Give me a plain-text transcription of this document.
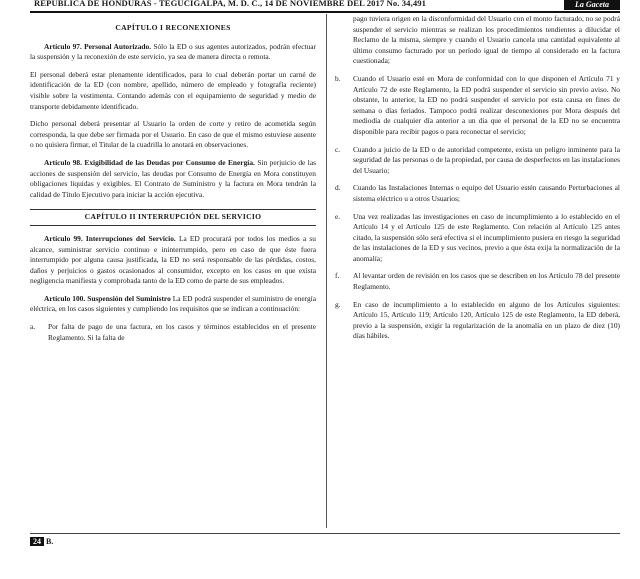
REPUBLICA DE HONDURAS - TEGUCIGALPA, M. D. C., 14 DE NOVIEMBRE DEL 2017 No. 34,491	La Gaceta
CAPÍTULO I RECONEXIONES

Artículo 97. Personal Autorizado. Sólo la ED o sus agentes autorizados, podrán efectuar la suspensión y la reconexión de este servicio, ya sea de manera directa o remota.

El personal deberá estar plenamente identificados, para lo cual deberán portar un carné de identificación de la ED (con nombre, apellido, número de empleado y fotografía reciente) visible sobre la vestimenta. Contando además con el equipamiento de seguridad y medio de transporte debidamente identificado.

Dicho personal deberá presentar al Usuario la orden de corte y retiro de acometida según corresponda, la que debe ser firmada por el Usuario. En caso de que el mismo estuviese ausente o no quisiera firmar, el Titular de la cuadrilla lo anotará en observaciones.

Artículo 98. Exigibilidad de las Deudas por Consumo de Energía. Sin perjuicio de las acciones de suspensión del servicio, las deudas por Consumo de Energía en Mora constituyen obligaciones líquidas y exigibles. El Contrato de Suministro y la factura en Mora tendrán la calidad de Título Ejecutivo para iniciar la acción ejecutiva.

CAPÍTULO II INTERRUPCIÓN DEL SERVICIO

Artículo 99. Interrupciones del Servicio. La ED procurará por todos los medios a su alcance, suministrar servicio continuo e ininterrumpido, pero en caso de que éste fuera interrumpido por alguna causa justificada, la ED no será responsable de las pérdidas, costos, daños y perjuicios o gastos ocasionados al consumidor, excepto en los casos en que exista negligencia manifiesta y comprobada tanto de la ED como de parte de sus empleados.

Artículo 100. Suspensión del Suministro La ED podrá suspender el suministro de energía eléctrica, en los casos siguientes y cumpliendo los requisitos que se indican a continuación:

a.	Por falta de pago de una factura, en los casos y términos establecidos en el presente Reglamento. Si la falta de

pago tuviera origen en la disconformidad del Usuario con el monto facturado, no se podrá suspender el servicio mientras se realizan los procedimientos tendientes a dilucidar el Reclamo de la misma, siempre y cuando el Usuario cancela una cantidad equivalente al último consumo facturado por un período igual de tiempo al considerado en la factura cuestionada;

b.	Cuando el Usuario esté en Mora de conformidad con lo que disponen el Artículo 71 y Artículo 72 de este Reglamento, la ED podrá suspender el servicio sin previo aviso. No obstante, lo anterior, la ED no podrá suspender el servicio por esta causa en fines de semana o días feriados. Tampoco podrá realizar desconexiones por Mora después del mediodía de cualquier día anterior a un día que el personal de la ED no se encuentra disponible para recibir pagos o para reconectar el servicio;
c.	Cuando a juicio de la ED o de autoridad competente, exista un peligro inminente para la seguridad de las personas o de la propiedad, por causa de desperfectos en las instalaciones del Usuario;
d.	Cuando las Instalaciones Internas o equipo del Usuario estén causando Perturbaciones al sistema eléctrico u a otros Usuarios;
e.	Una vez realizadas las investigaciones en caso de incumplimiento a lo establecido en el Artículo 14 y el Artículo 125 de este Reglamento. Con relación al Artículo 125 antes citado, la suspensión sólo será efectiva si el incumplimiento pusiera en riesgo la seguridad de las instalaciones de la ED y sus vecinos, previo a que ésta exija la normalización de la anomalía;
f.	Al levantar orden de revisión en los casos que se describen en los Artículo 78 del presente Reglamento.
g.	En caso de incumplimiento a lo establecido en alguno de los Artículos siguientes: Artículo 15, Artículo 119; Artículo 120, Artículo 125 de este Reglamento, la ED deberá, previo a la suspensión, exigir la regularización de la anomalía en un plazo de diez (10) días hábiles.
24 B.
